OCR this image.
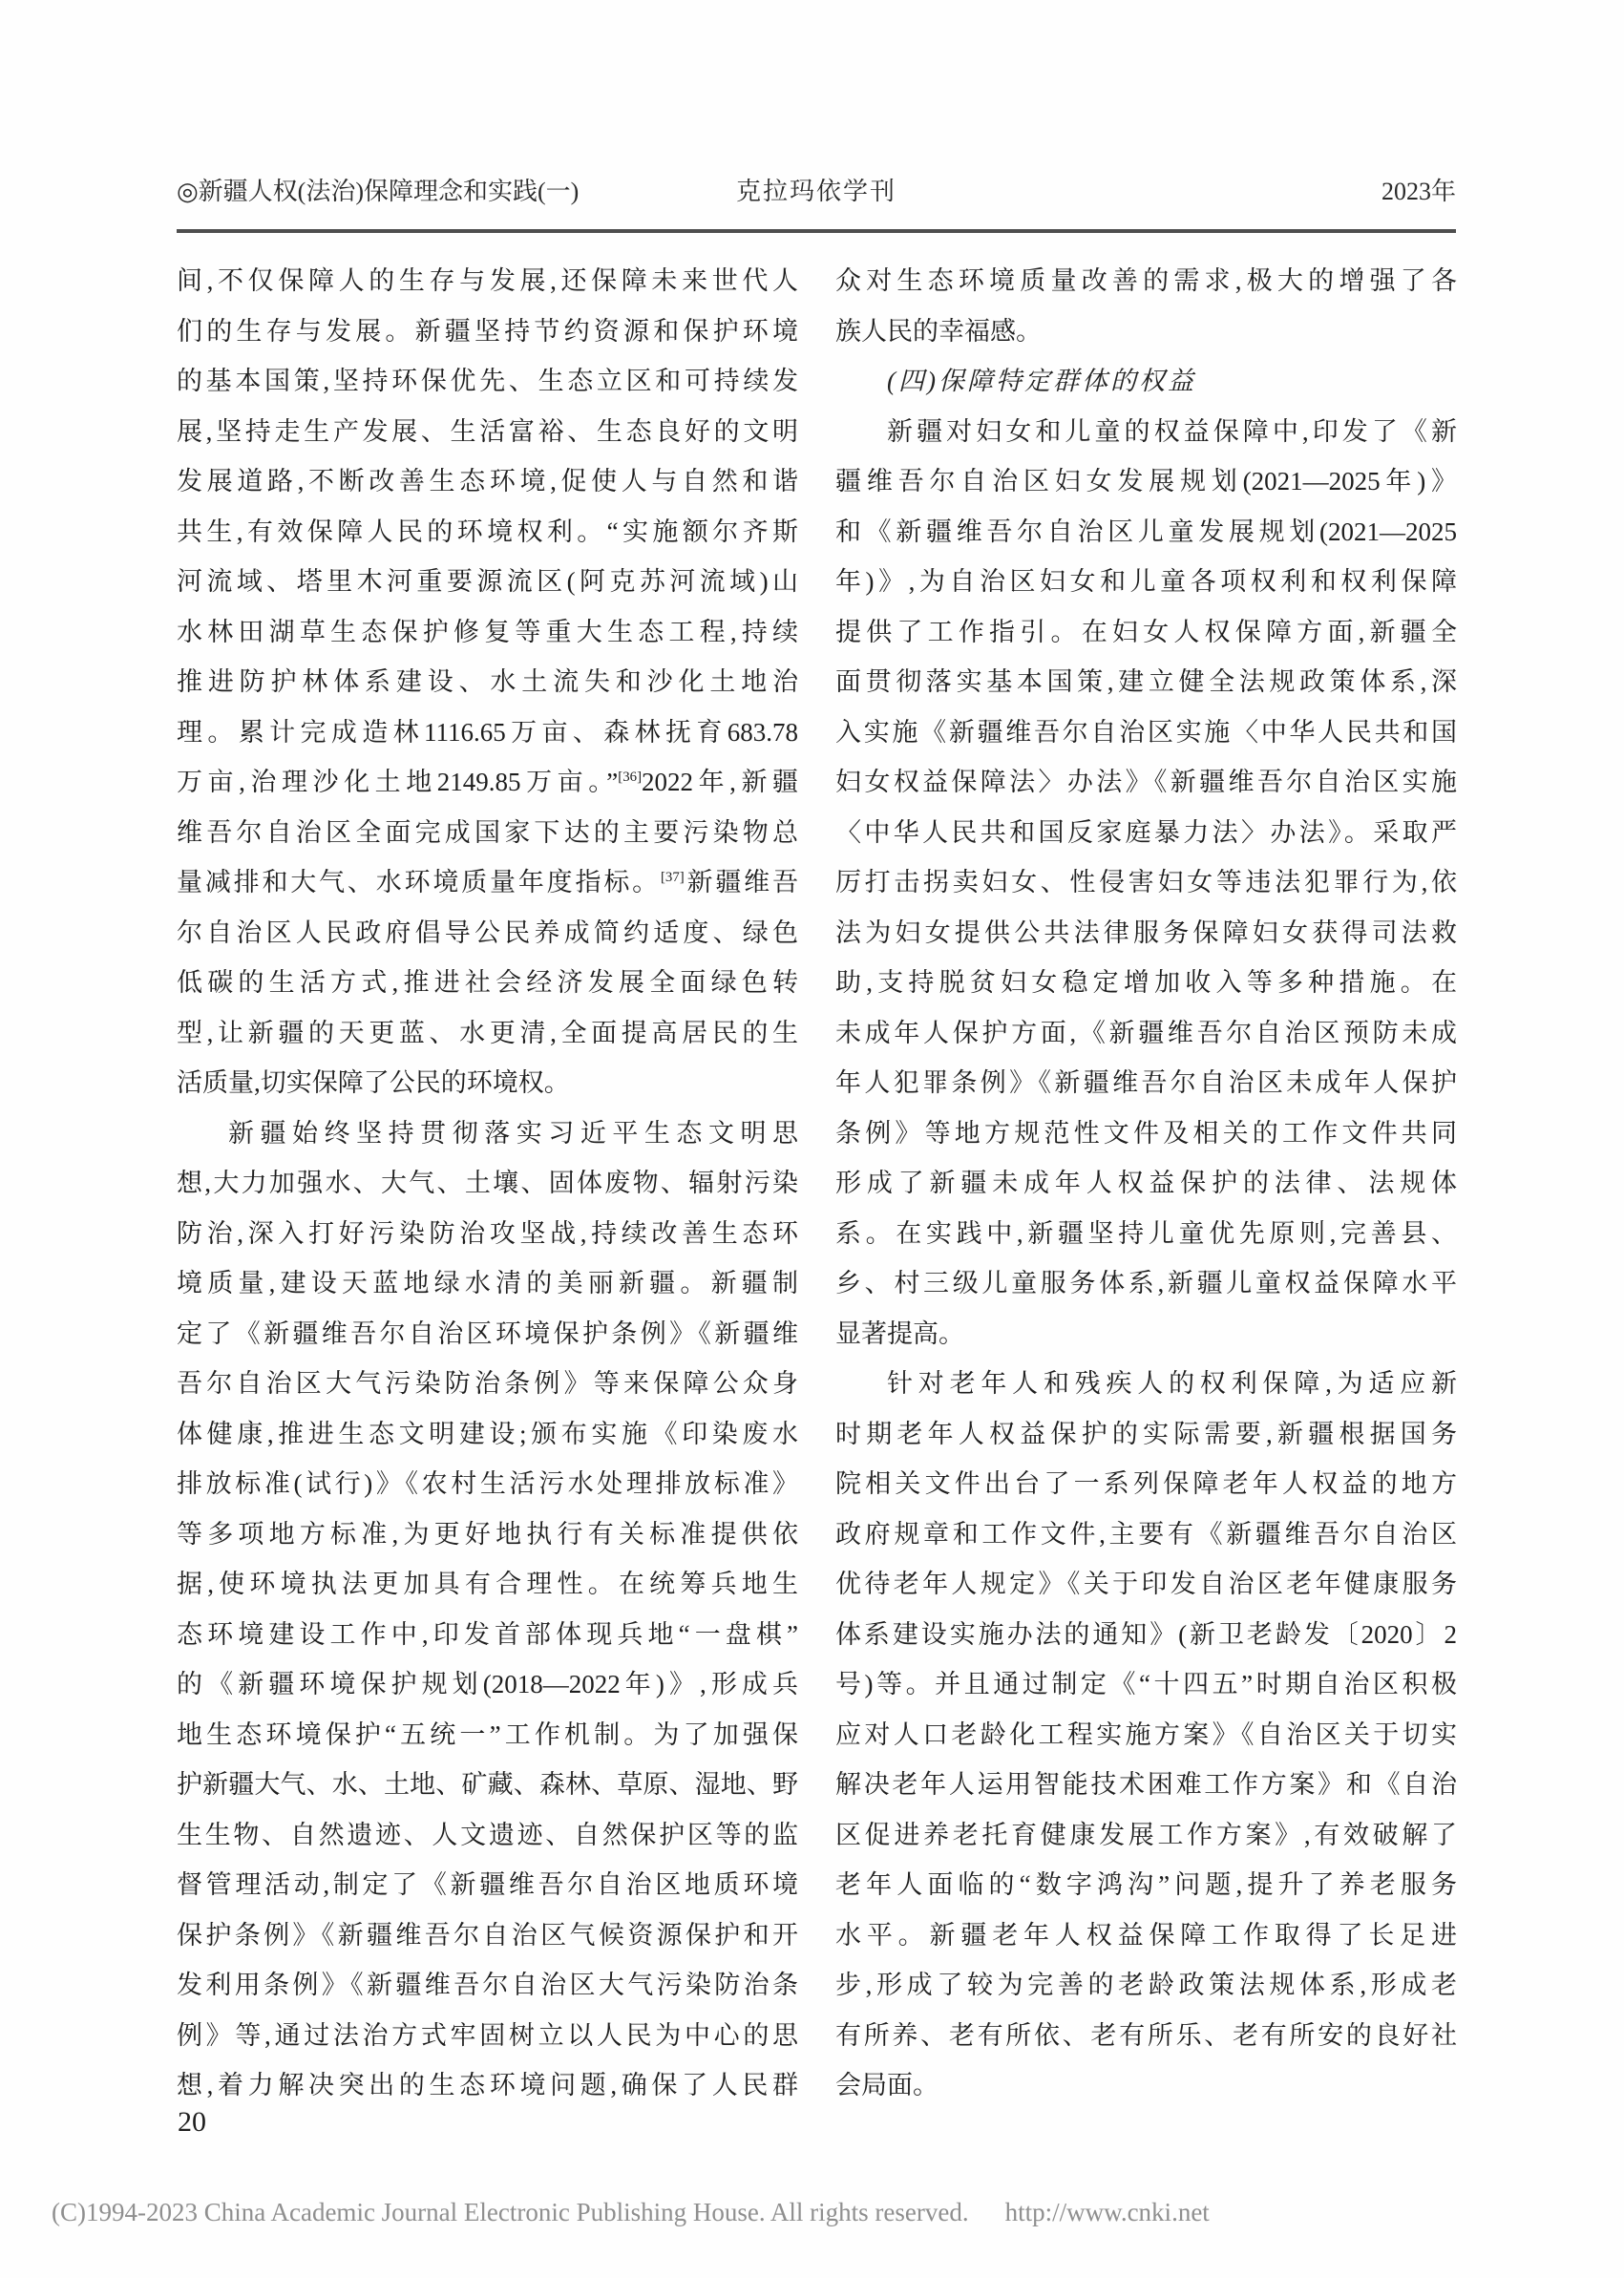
◎新疆人权(法治)保障理念和实践(一)	克拉玛依学刊	2023年
间,不仅保障人的生存与发展,还保障未来世代人
们的生存与发展。新疆坚持节约资源和保护环境
的基本国策,坚持环保优先、生态立区和可持续发
展,坚持走生产发展、生活富裕、生态良好的文明
发展道路,不断改善生态环境,促使人与自然和谐
共生,有效保障人民的环境权利。“实施额尔齐斯
河流域、塔里木河重要源流区(阿克苏河流域)山
水林田湖草生态保护修复等重大生态工程,持续
推进防护林体系建设、水土流失和沙化土地治
理。累计完成造林1116.65万亩、森林抚育683.78
万亩,治理沙化土地2149.85万亩。”[36]2022年,新疆
维吾尔自治区全面完成国家下达的主要污染物总
量减排和大气、水环境质量年度指标。[37]新疆维吾
尔自治区人民政府倡导公民养成简约适度、绿色
低碳的生活方式,推进社会经济发展全面绿色转
型,让新疆的天更蓝、水更清,全面提高居民的生
活质量,切实保障了公民的环境权。
新疆始终坚持贯彻落实习近平生态文明思
想,大力加强水、大气、土壤、固体废物、辐射污染
防治,深入打好污染防治攻坚战,持续改善生态环
境质量,建设天蓝地绿水清的美丽新疆。新疆制
定了《新疆维吾尔自治区环境保护条例》《新疆维
吾尔自治区大气污染防治条例》等来保障公众身
体健康,推进生态文明建设;颁布实施《印染废水
排放标准(试行)》《农村生活污水处理排放标准》
等多项地方标准,为更好地执行有关标准提供依
据,使环境执法更加具有合理性。在统筹兵地生
态环境建设工作中,印发首部体现兵地“一盘棋”
的《新疆环境保护规划(2018—2022年)》,形成兵
地生态环境保护“五统一”工作机制。为了加强保
护新疆大气、水、土地、矿藏、森林、草原、湿地、野
生生物、自然遗迹、人文遗迹、自然保护区等的监
督管理活动,制定了《新疆维吾尔自治区地质环境
保护条例》《新疆维吾尔自治区气候资源保护和开
发利用条例》《新疆维吾尔自治区大气污染防治条
例》等,通过法治方式牢固树立以人民为中心的思
想,着力解决突出的生态环境问题,确保了人民群
众对生态环境质量改善的需求,极大的增强了各
族人民的幸福感。
(四)保障特定群体的权益
新疆对妇女和儿童的权益保障中,印发了《新
疆维吾尔自治区妇女发展规划(2021—2025年)》
和《新疆维吾尔自治区儿童发展规划(2021—2025
年)》,为自治区妇女和儿童各项权利和权利保障
提供了工作指引。在妇女人权保障方面,新疆全
面贯彻落实基本国策,建立健全法规政策体系,深
入实施《新疆维吾尔自治区实施〈中华人民共和国
妇女权益保障法〉办法》《新疆维吾尔自治区实施
〈中华人民共和国反家庭暴力法〉办法》。采取严
厉打击拐卖妇女、性侵害妇女等违法犯罪行为,依
法为妇女提供公共法律服务保障妇女获得司法救
助,支持脱贫妇女稳定增加收入等多种措施。在
未成年人保护方面,《新疆维吾尔自治区预防未成
年人犯罪条例》《新疆维吾尔自治区未成年人保护
条例》等地方规范性文件及相关的工作文件共同
形成了新疆未成年人权益保护的法律、法规体
系。在实践中,新疆坚持儿童优先原则,完善县、
乡、村三级儿童服务体系,新疆儿童权益保障水平
显著提高。
针对老年人和残疾人的权利保障,为适应新
时期老年人权益保护的实际需要,新疆根据国务
院相关文件出台了一系列保障老年人权益的地方
政府规章和工作文件,主要有《新疆维吾尔自治区
优待老年人规定》《关于印发自治区老年健康服务
体系建设实施办法的通知》(新卫老龄发〔2020〕2
号)等。并且通过制定《“十四五”时期自治区积极
应对人口老龄化工程实施方案》《自治区关于切实
解决老年人运用智能技术困难工作方案》和《自治
区促进养老托育健康发展工作方案》,有效破解了
老年人面临的“数字鸿沟”问题,提升了养老服务
水平。新疆老年人权益保障工作取得了长足进
步,形成了较为完善的老龄政策法规体系,形成老
有所养、老有所依、老有所乐、老有所安的良好社
会局面。
20
(C)1994-2023 China Academic Journal Electronic Publishing House. All rights reserved. http://www.cnki.net
